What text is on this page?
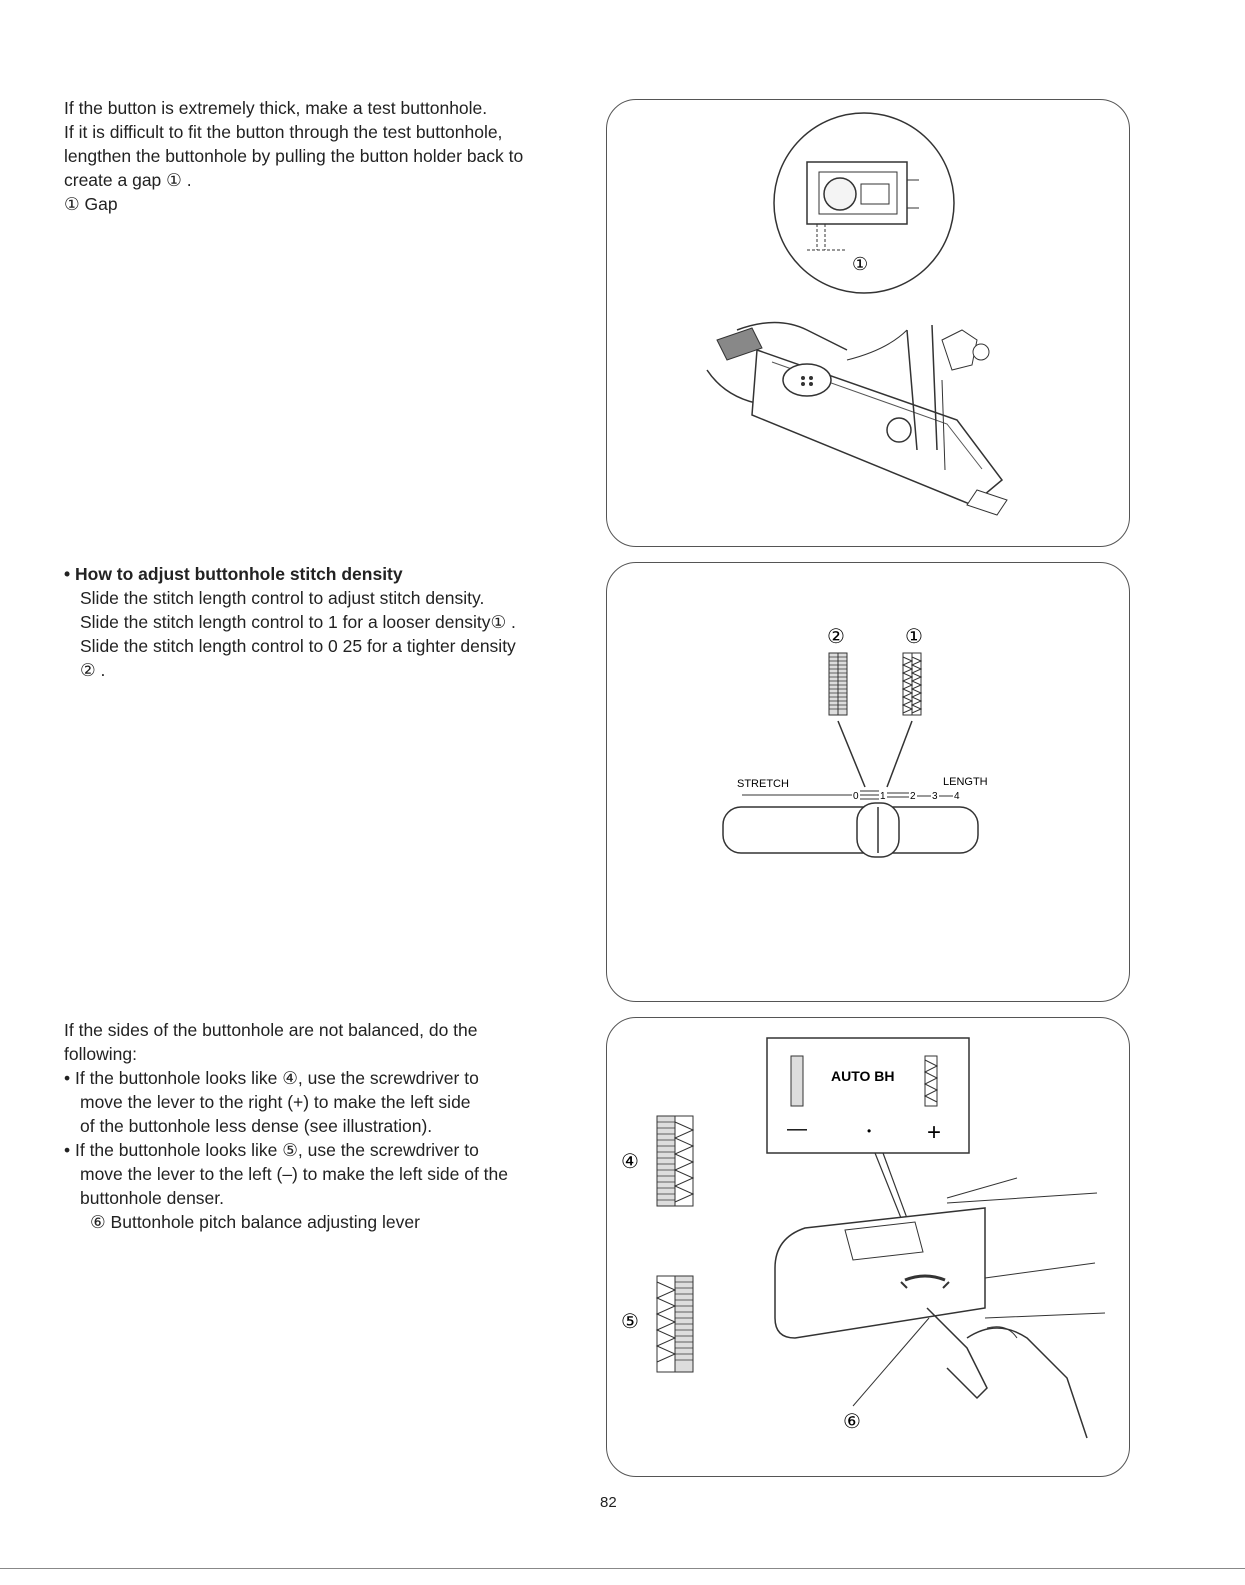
If the button is extremely thick, make a test buttonhole.

If it is difficult to fit the button through the test buttonhole,

lengthen the buttonhole by pulling the button holder back to

create a gap ① .

① Gap

• How to adjust buttonhole stitch density

Slide the stitch length control to adjust stitch density.

Slide the stitch length control to 1 for a looser density① .

Slide the stitch length control to 0 25 for a tighter density

② .

If the sides of the buttonhole are not balanced, do the

following:

• If the buttonhole looks like ④, use the screwdriver to

move the lever to the right (+) to make the left side

of the buttonhole less dense (see illustration).

• If the buttonhole looks like ⑤, use the screwdriver to

move the lever to the left (–) to make the left side of the

buttonhole denser.

⑥ Buttonhole pitch balance adjusting lever

①
②	①
STRETCH	LENGTH
0 1 2 3 4
AUTO BH
—	• +
④
⑤
⑥
82
